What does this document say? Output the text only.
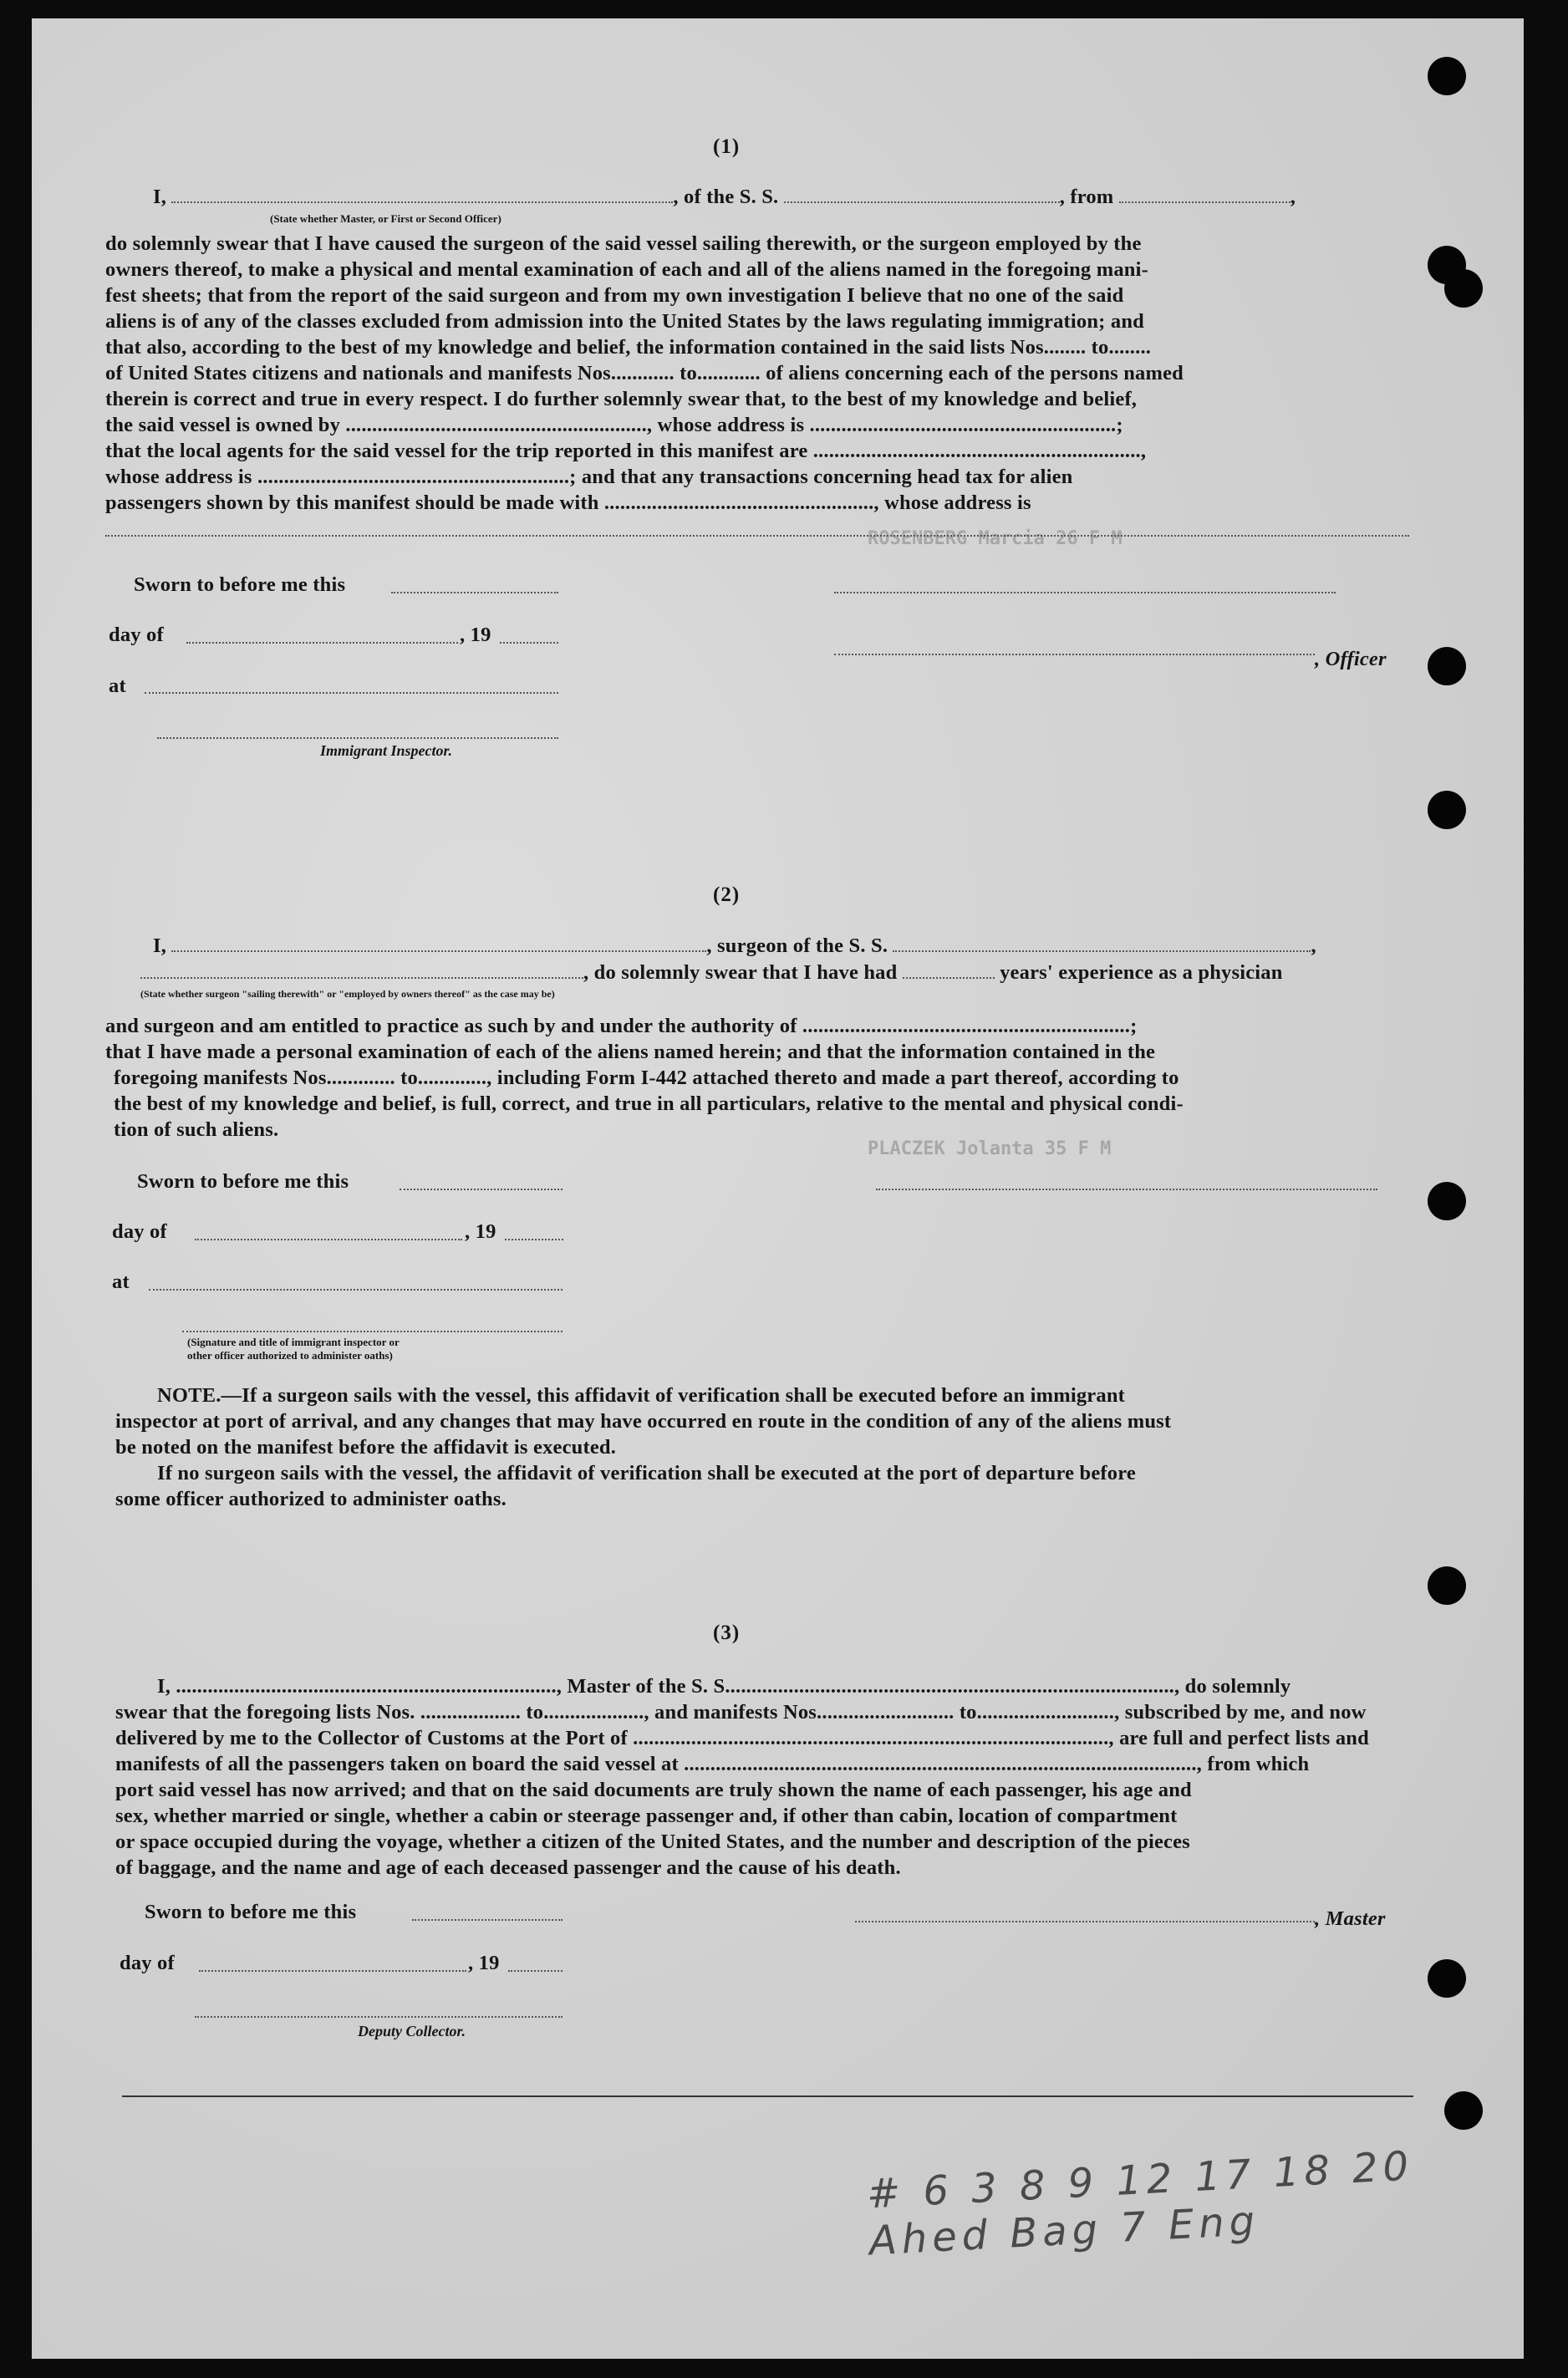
ROSENBERG Marcia 26 F M
PLACZEK Jolanta 35 F M
(1)
I,	, of the S. S.	, from	,
(State whether Master, or First or Second Officer)
do solemnly swear that I have caused the surgeon of the said vessel sailing therewith, or the surgeon employed by the
owners thereof, to make a physical and mental examination of each and all of the aliens named in the foregoing mani-
fest sheets; that from the report of the said surgeon and from my own investigation I believe that no one of the said
aliens is of any of the classes excluded from admission into the United States by the laws regulating immigration; and
that also, according to the best of my knowledge and belief, the information contained in the said lists Nos........ to........
of United States citizens and nationals and manifests Nos............ to............ of aliens concerning each of the persons named
therein is correct and true in every respect. I do further solemnly swear that, to the best of my knowledge and belief,
the said vessel is owned by ........................................................., whose address is ..........................................................;
that the local agents for the said vessel for the trip reported in this manifest are ..............................................................,
whose address is ...........................................................; and that any transactions concerning head tax for alien
passengers shown by this manifest should be made with ..................................................., whose address is
Sworn to before me this
day of	, 19
, Officer
at
Immigrant Inspector.
(2)
I,	, surgeon of the S. S.	,
, do solemnly swear that I have had	years' experience as a physician
(State whether surgeon "sailing therewith" or "employed by owners thereof" as the case may be)
and surgeon and am entitled to practice as such by and under the authority of ..............................................................;
that I have made a personal examination of each of the aliens named herein; and that the information contained in the
foregoing manifests Nos............. to............., including Form I-442 attached thereto and made a part thereof, according to
the best of my knowledge and belief, is full, correct, and true in all particulars, relative to the mental and physical condi-
tion of such aliens.
Sworn to before me this
day of	, 19
at
(Signature and title of immigrant inspector or
other officer authorized to administer oaths)
NOTE.—If a surgeon sails with the vessel, this affidavit of verification shall be executed before an immigrant
inspector at port of arrival, and any changes that may have occurred en route in the condition of any of the aliens must
be noted on the manifest before the affidavit is executed.
If no surgeon sails with the vessel, the affidavit of verification shall be executed at the port of departure before
some officer authorized to administer oaths.
(3)
I, ........................................................................, Master of the S. S....................................................................................., do solemnly
swear that the foregoing lists Nos. ................... to..................., and manifests Nos.......................... to.........................., subscribed by me, and now
delivered by me to the Collector of Customs at the Port of .........................................................................................., are full and perfect lists and
manifests of all the passengers taken on board the said vessel at ................................................................................................., from which
port said vessel has now arrived; and that on the said documents are truly shown the name of each passenger, his age and
sex, whether married or single, whether a cabin or steerage passenger and, if other than cabin, location of compartment
or space occupied during the voyage, whether a citizen of the United States, and the number and description of the pieces
of baggage, and the name and age of each deceased passenger and the cause of his death.
Sworn to before me this	, Master
day of	, 19
Deputy Collector.
# 6 3 8 9 12 17 18 20 Ahed Bag 7 Eng
